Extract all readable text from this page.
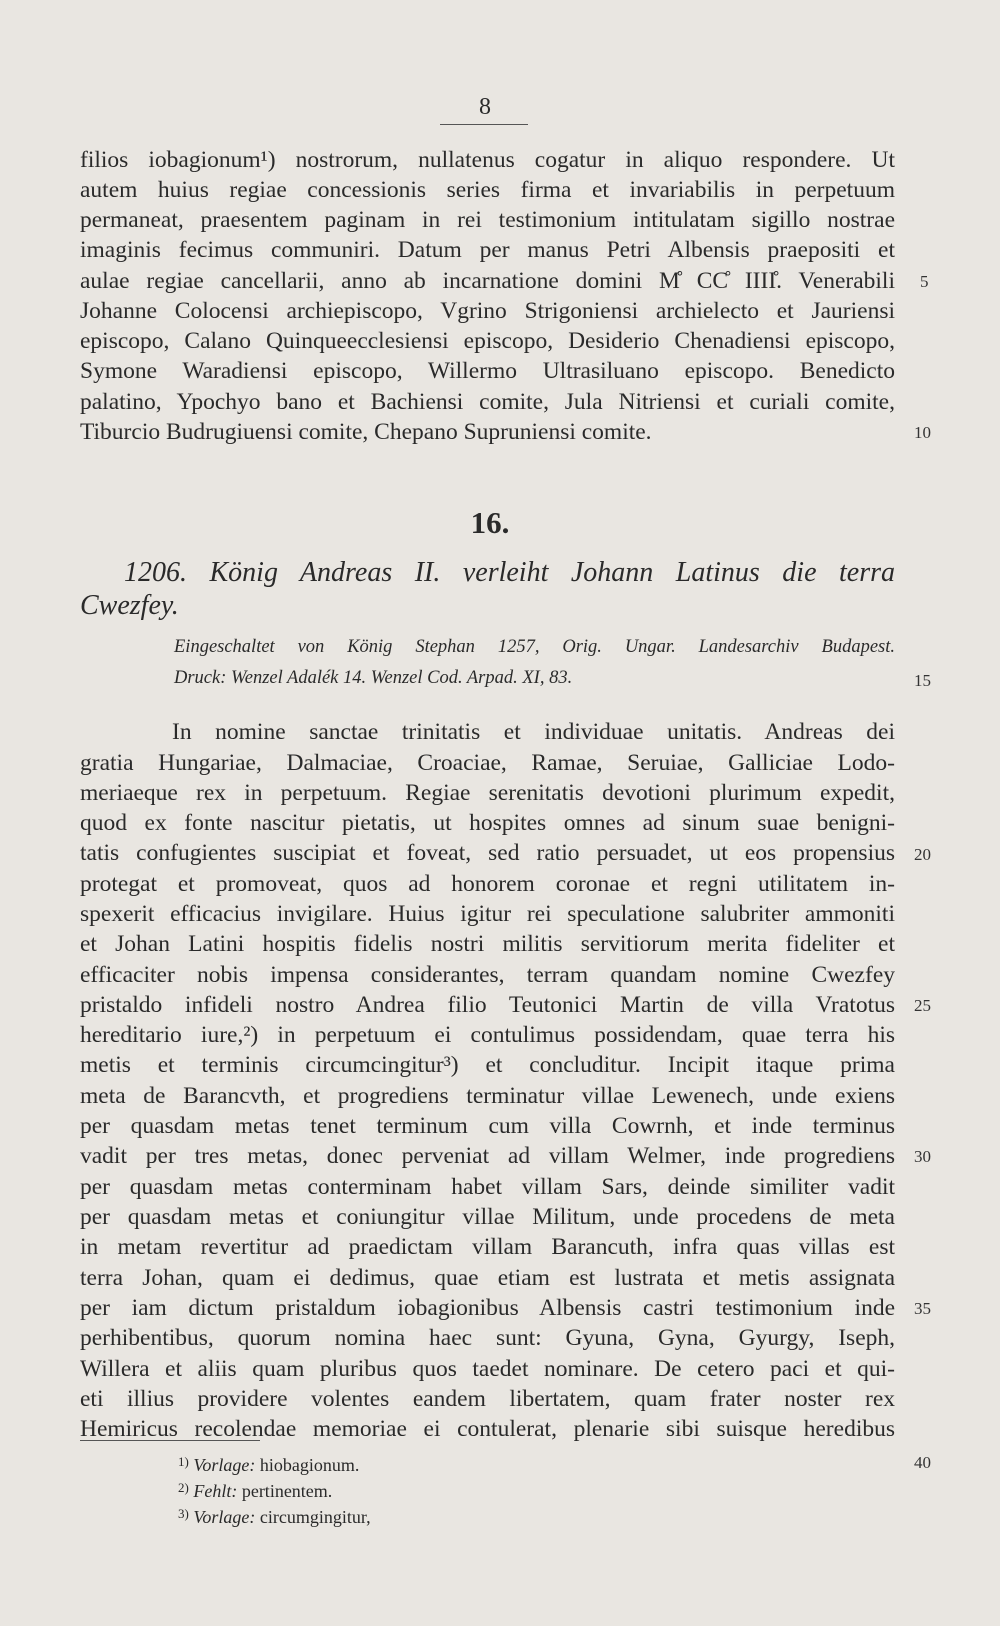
8
filios iobagionum¹) nostrorum, nullatenus cogatur in aliquo respondere. Ut
autem huius regiae concessionis series firma et invariabilis in perpetuum
permaneat, praesentem paginam in rei testimonium intitulatam sigillo nostrae
imaginis fecimus communiri. Datum per manus Petri Albensis praepositi et
aulae regiae cancellarii, anno ab incarnatione domini M̊ CC̊ IIII̊. Venerabili
Johanne Colocensi archiepiscopo, Vgrino Strigoniensi archielecto et Jauriensi
episcopo, Calano Quinqueecclesiensi episcopo, Desiderio Chenadiensi episcopo,
Symone Waradiensi episcopo, Willermo Ultrasiluano episcopo. Benedicto
palatino, Ypochyo bano et Bachiensi comite, Jula Nitriensi et curiali comite,
Tiburcio Budrugiuensi comite, Chepano Supruniensi comite.
16.
1206. König Andreas II. verleiht Johann Latinus die terra
Cwezfey.
Eingeschaltet von König Stephan 1257, Orig. Ungar. Landesarchiv Budapest.
Druck: Wenzel Adalék 14. Wenzel Cod. Arpad. XI, 83.
In nomine sanctae trinitatis et individuae unitatis. Andreas dei
gratia Hungariae, Dalmaciae, Croaciae, Ramae, Seruiae, Galliciae Lodo-
meriaeque rex in perpetuum. Regiae serenitatis devotioni plurimum expedit,
quod ex fonte nascitur pietatis, ut hospites omnes ad sinum suae benigni-
tatis confugientes suscipiat et foveat, sed ratio persuadet, ut eos propensius
protegat et promoveat, quos ad honorem coronae et regni utilitatem in-
spexerit efficacius invigilare. Huius igitur rei speculatione salubriter ammoniti
et Johan Latini hospitis fidelis nostri militis servitiorum merita fideliter et
efficaciter nobis impensa considerantes, terram quandam nomine Cwezfey
pristaldo infideli nostro Andrea filio Teutonici Martin de villa Vratotus
hereditario iure,²) in perpetuum ei contulimus possidendam, quae terra his
metis et terminis circumcingitur³) et concluditur. Incipit itaque prima
meta de Barancvth, et progrediens terminatur villae Lewenech, unde exiens
per quasdam metas tenet terminum cum villa Cowrnh, et inde terminus
vadit per tres metas, donec perveniat ad villam Welmer, inde progrediens
per quasdam metas conterminam habet villam Sars, deinde similiter vadit
per quasdam metas et coniungitur villae Militum, unde procedens de meta
in metam revertitur ad praedictam villam Barancuth, infra quas villas est
terra Johan, quam ei dedimus, quae etiam est lustrata et metis assignata
per iam dictum pristaldum iobagionibus Albensis castri testimonium inde
perhibentibus, quorum nomina haec sunt: Gyuna, Gyna, Gyurgy, Iseph,
Willera et aliis quam pluribus quos taedet nominare. De cetero paci et qui-
eti illius providere volentes eandem libertatem, quam frater noster rex
Hemiricus recolendae memoriae ei contulerat, plenarie sibi suisque heredibus
5
10
15
20
25
30
35
40
$^{1)}$ Vorlage: hiobagionum.
$^{2)}$ Fehlt: pertinentem.
$^{3)}$ Vorlage: circumgingitur,
